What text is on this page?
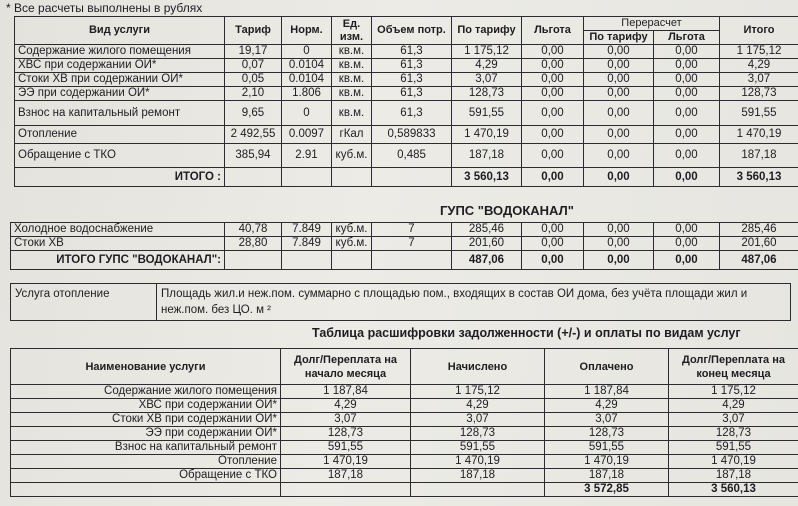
* Все расчеты выполнены в рублях
Вид услуги	Тариф	Норм.	Ед. изм.	Объем потр.	По тарифу	Льгота	Перерасчет		Итого
							По тарифу	Льгота	
Содержание жилого помещения	19,17	0	кв.м.	61,3	1 175,12	0,00	0,00	0,00	1 175,12
ХВС при содержании ОИ*	0,07	0.0104	кв.м.	61,3	4,29	0,00	0,00	0,00	4,29
Стоки ХВ при содержании ОИ*	0,05	0.0104	кв.м.	61,3	3,07	0,00	0,00	0,00	3,07
ЭЭ при содержании ОИ*	2,10	1.806	кв.м.	61,3	128,73	0,00	0,00	0,00	128,73
Взнос на капитальный ремонт	9,65	0	кв.м.	61,3	591,55	0,00	0,00	0,00	591,55
Отопление	2 492,55	0.0097	гКал	0,589833	1 470,19	0,00	0,00	0,00	1 470,19
Обращение с ТКО	385,94	2.91	куб.м.	0,485	187,18	0,00	0,00	0,00	187,18
ИТОГО :					3 560,13	0,00	0,00	0,00	3 560,13
ГУПС "ВОДОКАНАЛ"
Холодное водоснабжение	40,78	7.849	куб.м.	7	285,46	0,00	0,00	0,00	285,46
Стоки ХВ	28,80	7.849	куб.м.	7	201,60	0,00	0,00	0,00	201,60
ИТОГО ГУПС "ВОДОКАНАЛ":					487,06	0,00	0,00	0,00	487,06
Услуга отопление	Площадь жил.и неж.пом. суммарно с площадью пом., входящих в состав ОИ дома, без учёта площади жил и неж.пом. без ЦО. м ²
Таблица расшифровки задолженности (+/-) и оплаты по видам услуг
Наименование услуги	Долг/Переплата на начало месяца	Начислено	Оплачено	Долг/Переплата на конец месяца
Содержание жилого помещения	1 187,84	1 175,12	1 187,84	1 175,12
ХВС при содержании ОИ*	4,29	4,29	4,29	4,29
Стоки ХВ при содержании ОИ*	3,07	3,07	3,07	3,07
ЭЭ при содержании ОИ*	128,73	128,73	128,73	128,73
Взнос на капитальный ремонт	591,55	591,55	591,55	591,55
Отопление	1 470,19	1 470,19	1 470,19	1 470,19
Обращение с ТКО	187,18	187,18	187,18	187,18
			3 572,85	3 560,13
